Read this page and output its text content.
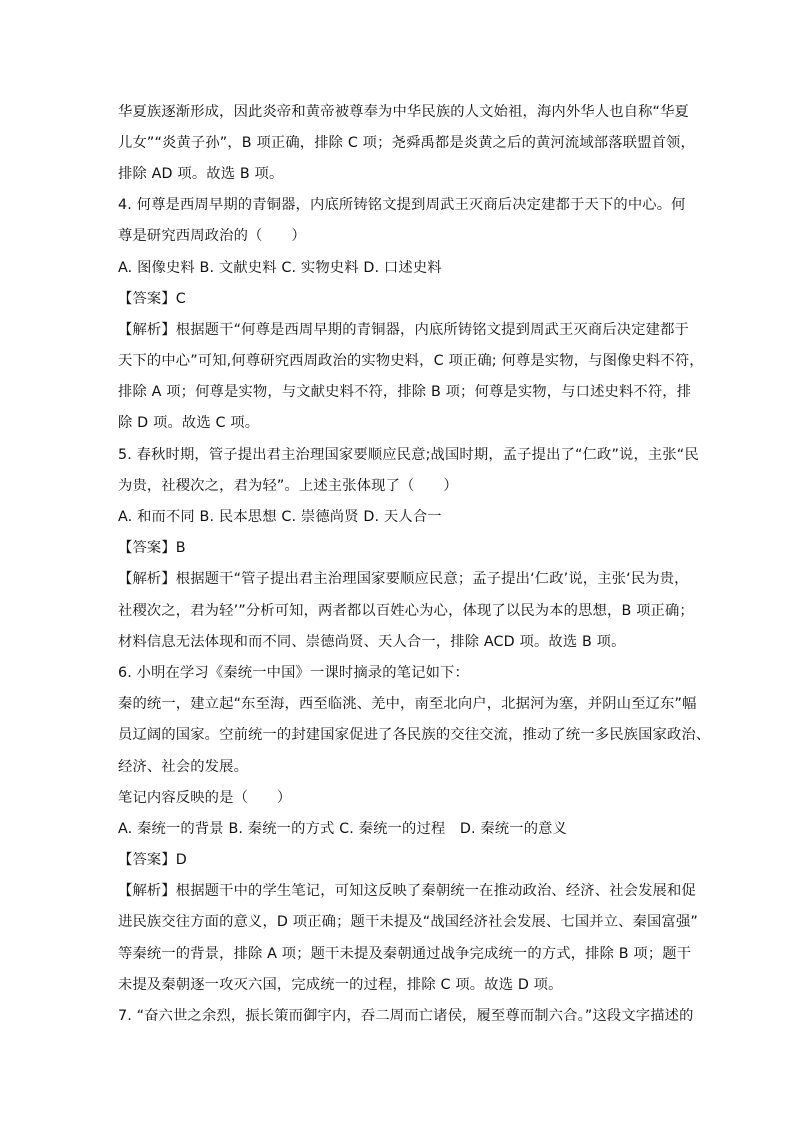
华夏族逐渐形成，因此炎帝和黄帝被尊奉为中华民族的人文始祖，海内外华人也自称“华夏
儿女”“炎黄子孙”，B 项正确，排除 C 项；尧舜禹都是炎黄之后的黄河流域部落联盟首领，
排除 AD 项。故选 B 项。
4. 何尊是西周早期的青铜器，内底所铸铭文提到周武王灭商后决定建都于天下的中心。何
尊是研究西周政治的（　　）
A. 图像史料 B. 文献史料 C. 实物史料 D. 口述史料
【答案】C
【解析】根据题干“何尊是西周早期的青铜器，内底所铸铭文提到周武王灭商后决定建都于
天下的中心”可知,何尊研究西周政治的实物史料，C 项正确; 何尊是实物，与图像史料不符，
排除 A 项；何尊是实物，与文献史料不符，排除 B 项；何尊是实物，与口述史料不符，排
除 D 项。故选 C 项。
5. 春秋时期，管子提出君主治理国家要顺应民意;战国时期，孟子提出了“仁政”说，主张“民
为贵，社稷次之，君为轻”。上述主张体现了（　　）
A. 和而不同 B. 民本思想 C. 崇德尚贤 D. 天人合一
【答案】B
【解析】根据题干“管子提出君主治理国家要顺应民意；孟子提出‘仁政’说，主张‘民为贵，
社稷次之，君为轻’”分析可知，两者都以百姓心为心，体现了以民为本的思想，B 项正确；
材料信息无法体现和而不同、崇德尚贤、天人合一，排除 ACD 项。故选 B 项。
6. 小明在学习《秦统一中国》一课时摘录的笔记如下：
秦的统一，建立起“东至海，西至临洮、羌中，南至北向户，北据河为塞，并阴山至辽东”幅
员辽阔的国家。空前统一的封建国家促进了各民族的交往交流，推动了统一多民族国家政治、
经济、社会的发展。
笔记内容反映的是（　　）
A. 秦统一的背景 B. 秦统一的方式 C. 秦统一的过程　D. 秦统一的意义
【答案】D
【解析】根据题干中的学生笔记，可知这反映了秦朝统一在推动政治、经济、社会发展和促
进民族交往方面的意义，D 项正确；题干未提及“战国经济社会发展、七国并立、秦国富强”
等秦统一的背景，排除 A 项；题干未提及秦朝通过战争完成统一的方式，排除 B 项；题干
未提及秦朝逐一攻灭六国，完成统一的过程，排除 C 项。故选 D 项。
7. “奋六世之余烈，振长策而御宇内，吞二周而亡诸侯，履至尊而制六合。”这段文字描述的
